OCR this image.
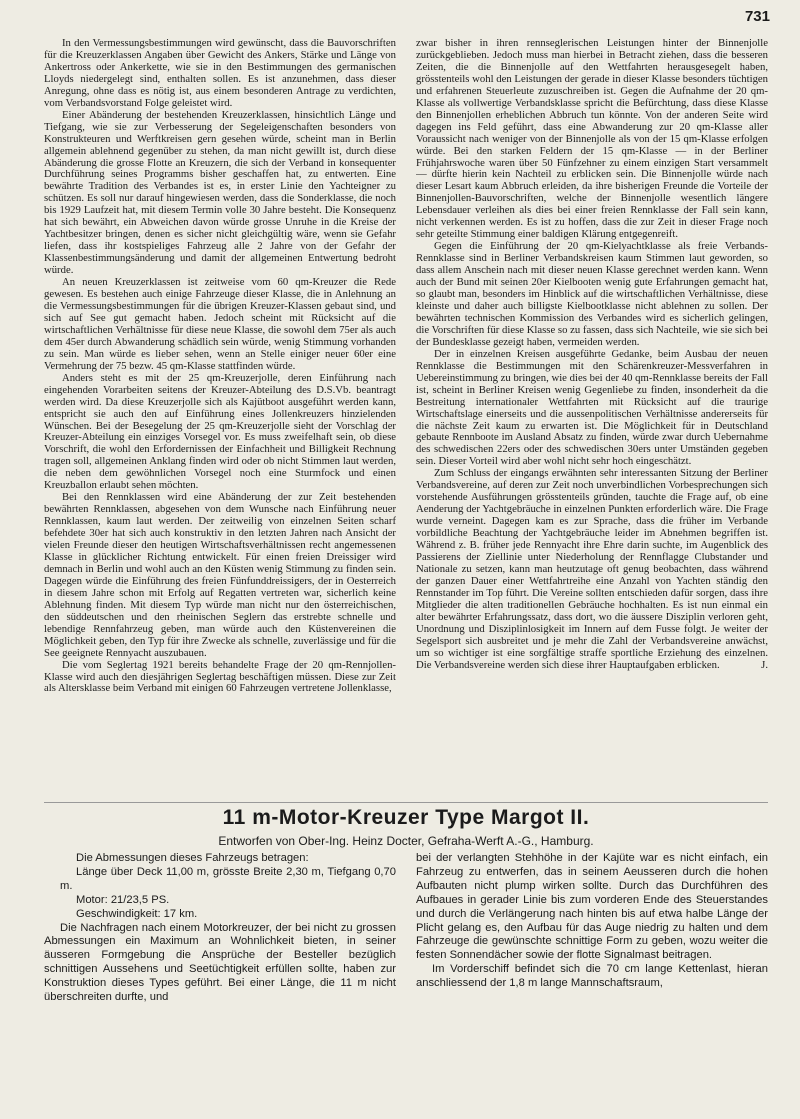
731

In den Vermessungsbestimmungen wird gewünscht, dass die Bauvorschriften für die Kreuzerklassen Angaben über Gewicht des Ankers, Stärke und Länge von Ankertross oder Ankerkette, wie sie in den Bestimmungen des germanischen Lloyds niedergelegt sind, enthalten sollen. Es ist anzunehmen, dass dieser Anregung, ohne dass es nötig ist, aus einem besonderen Antrage zu verdichten, vom Verbandsvorstand Folge geleistet wird.

Einer Abänderung der bestehenden Kreuzerklassen, hinsichtlich Länge und Tiefgang, wie sie zur Verbesserung der Segeleigenschaften besonders von Konstrukteuren und Werftkreisen gern gesehen würde, scheint man in Berlin allgemein ablehnend gegenüber zu stehen, da man nicht gewillt ist, durch diese Abänderung die grosse Flotte an Kreuzern, die sich der Verband in konsequenter Durchführung seines Programms bisher geschaffen hat, zu entwerten. Eine bewährte Tradition des Verbandes ist es, in erster Linie den Yachteigner zu schützen. Es soll nur darauf hingewiesen werden, dass die Sonderklasse, die noch bis 1929 Laufzeit hat, mit diesem Termin volle 30 Jahre besteht. Die Konsequenz hat sich bewährt, ein Abweichen davon würde grosse Unruhe in die Kreise der Yachtbesitzer bringen, denen es sicher nicht gleichgültig wäre, wenn sie Gefahr liefen, dass ihr kostspieliges Fahrzeug alle 2 Jahre von der Gefahr der Klassenbestimmungsänderung und damit der allgemeinen Entwertung bedroht würde.

An neuen Kreuzerklassen ist zeitweise vom 60 qm-Kreuzer die Rede gewesen. Es bestehen auch einige Fahrzeuge dieser Klasse, die in Anlehnung an die Vermessungsbestimmungen für die übrigen Kreuzer-Klassen gebaut sind, und sich auf See gut gemacht haben. Jedoch scheint mit Rücksicht auf die wirtschaftlichen Verhältnisse für diese neue Klasse, die sowohl dem 75er als auch dem 45er durch Abwanderung schädlich sein würde, wenig Stimmung vorhanden zu sein. Man würde es lieber sehen, wenn an Stelle einiger neuer 60er eine Vermehrung der 75 bezw. 45 qm-Klasse stattfinden würde.

Anders steht es mit der 25 qm-Kreuzerjolle, deren Einführung nach eingehenden Vorarbeiten seitens der Kreuzer-Abteilung des D.S.Vb. beantragt werden wird. Da diese Kreuzerjolle sich als Kajütboot ausgeführt werden kann, entspricht sie auch den auf Einführung eines Jollenkreuzers hinzielenden Wünschen. Bei der Besegelung der 25 qm-Kreuzerjolle sieht der Vorschlag der Kreuzer-Abteilung ein einziges Vorsegel vor. Es muss zweifelhaft sein, ob diese Vorschrift, die wohl den Erfordernissen der Einfachheit und Billigkeit Rechnung tragen soll, allgemeinen Anklang finden wird oder ob nicht Stimmen laut werden, die neben dem gewöhnlichen Vorsegel noch eine Sturmfock und einen Kreuzballon erlaubt sehen möchten.

Bei den Rennklassen wird eine Abänderung der zur Zeit bestehenden bewährten Rennklassen, abgesehen von dem Wunsche nach Einführung neuer Rennklassen, kaum laut werden. Der zeitweilig von einzelnen Seiten scharf befehdete 30er hat sich auch konstruktiv in den letzten Jahren nach Ansicht der vielen Freunde dieser den heutigen Wirtschaftsverhältnissen recht angemessenen Klasse in glücklicher Richtung entwickelt. Für einen freien Dreissiger wird demnach in Berlin und wohl auch an den Küsten wenig Stimmung zu finden sein. Dagegen würde die Einführung des freien Fünfunddreissigers, der in Oesterreich in diesem Jahre schon mit Erfolg auf Regatten vertreten war, sicherlich keine Ablehnung finden. Mit diesem Typ würde man nicht nur den österreichischen, den süddeutschen und den rheinischen Seglern das erstrebte schnelle und lebendige Rennfahrzeug geben, man würde auch den Küstenvereinen die Möglichkeit geben, den Typ für ihre Zwecke als schnelle, zuverlässige und für die See geeignete Rennyacht auszubauen.

Die vom Seglertag 1921 bereits behandelte Frage der 20 qm-Rennjollen-Klasse wird auch den diesjährigen Seglertag beschäftigen müssen. Diese zur Zeit als Altersklasse beim Verband mit einigen 60 Fahrzeugen vertretene Jollenklasse,

zwar bisher in ihren rennseglerischen Leistungen hinter der Binnenjolle zurückgeblieben. Jedoch muss man hierbei in Betracht ziehen, dass die besseren Zeiten, die die Binnenjolle auf den Wettfahrten herausgesegelt haben, grösstenteils wohl den Leistungen der gerade in dieser Klasse besonders tüchtigen und erfahrenen Steuerleute zuzuschreiben ist. Gegen die Aufnahme der 20 qm-Klasse als vollwertige Verbandsklasse spricht die Befürchtung, dass diese Klasse den Binnenjollen erheblichen Abbruch tun könnte. Von der anderen Seite wird dagegen ins Feld geführt, dass eine Abwanderung zur 20 qm-Klasse aller Voraussicht nach weniger von der Binnenjolle als von der 15 qm-Klasse erfolgen würde. Bei den starken Feldern der 15 qm-Klasse — in der Berliner Frühjahrswoche waren über 50 Fünfzehner zu einem einzigen Start versammelt — dürfte hierin kein Nachteil zu erblicken sein. Die Binnenjolle würde nach dieser Lesart kaum Abbruch erleiden, da ihre bisherigen Freunde die Vorteile der Binnenjollen-Bauvorschriften, welche der Binnenjolle wesentlich längere Lebensdauer verleihen als dies bei einer freien Rennklasse der Fall sein kann, nicht verkennen werden. Es ist zu hoffen, dass die zur Zeit in dieser Frage noch sehr geteilte Stimmung einer baldigen Klärung entgegenreift.

Gegen die Einführung der 20 qm-Kielyachtklasse als freie Verbands-Rennklasse sind in Berliner Verbandskreisen kaum Stimmen laut geworden, so dass allem Anschein nach mit dieser neuen Klasse gerechnet werden kann. Wenn auch der Bund mit seinen 20er Kielbooten wenig gute Erfahrungen gemacht hat, so glaubt man, besonders im Hinblick auf die wirtschaftlichen Verhältnisse, diese kleinste und daher auch billigste Kielbootklasse nicht ablehnen zu sollen. Der bewährten technischen Kommission des Verbandes wird es sicherlich gelingen, die Vorschriften für diese Klasse so zu fassen, dass sich Nachteile, wie sie sich bei der Bundesklasse gezeigt haben, vermeiden werden.

Der in einzelnen Kreisen ausgeführte Gedanke, beim Ausbau der neuen Rennklasse die Bestimmungen mit den Schärenkreuzer-Messverfahren in Uebereinstimmung zu bringen, wie dies bei der 40 qm-Rennklasse bereits der Fall ist, scheint in Berliner Kreisen wenig Gegenliebe zu finden, insonderheit da die Bestreitung internationaler Wettfahrten mit Rücksicht auf die traurige Wirtschaftslage einerseits und die aussenpolitischen Verhältnisse andererseits für die nächste Zeit kaum zu erwarten ist. Die Möglichkeit für in Deutschland gebaute Rennboote im Ausland Absatz zu finden, würde zwar durch Uebernahme des schwedischen 22ers oder des schwedischen 30ers unter Umständen gegeben sein. Dieser Vorteil wird aber wohl nicht sehr hoch eingeschätzt.

Zum Schluss der eingangs erwähnten sehr interessanten Sitzung der Berliner Verbandsvereine, auf deren zur Zeit noch unverbindlichen Vorbesprechungen sich vorstehende Ausführungen grösstenteils gründen, tauchte die Frage auf, ob eine Aenderung der Yachtgebräuche in einzelnen Punkten erforderlich wäre. Die Frage wurde verneint. Dagegen kam es zur Sprache, dass die früher im Verbande vorbildliche Beachtung der Yachtgebräuche leider im Abnehmen begriffen ist. Während z. B. früher jede Rennyacht ihre Ehre darin suchte, im Augenblick des Passierens der Ziellinie unter Niederholung der Rennflagge Clubstander und Nationale zu setzen, kann man heutzutage oft genug beobachten, dass während der ganzen Dauer einer Wettfahrtreihe eine Anzahl von Yachten ständig den Rennstander im Top führt. Die Vereine sollten entschieden dafür sorgen, dass ihre Mitglieder die alten traditionellen Gebräuche hochhalten. Es ist nun einmal ein alter bewährter Erfahrungssatz, dass dort, wo die äussere Disziplin verloren geht, Unordnung und Disziplinlosigkeit im Innern auf dem Fusse folgt. Je weiter der Segelsport sich ausbreitet und je mehr die Zahl der Verbandsvereine anwächst, um so wichtiger ist eine sorgfältige straffe sportliche Erziehung des einzelnen. Die Verbandsvereine werden sich diese ihrer Hauptaufgaben erblicken.	J.

11 m-Motor-Kreuzer Type Margot II.
Entworfen von Ober-Ing. Heinz Docter, Gefraha-Werft A.-G., Hamburg.

Die Abmessungen dieses Fahrzeugs betragen:

Länge über Deck 11,00 m, grösste Breite 2,30 m, Tiefgang 0,70 m.

Motor: 21/23,5 PS.

Geschwindigkeit: 17 km.

Die Nachfragen nach einem Motorkreuzer, der bei nicht zu grossen Abmessungen ein Maximum an Wohnlichkeit bieten, in seiner äusseren Formgebung die Ansprüche der Besteller bezüglich schnittigen Aussehens und Seetüchtigkeit erfüllen sollte, haben zur Konstruktion dieses Types geführt. Bei einer Länge, die 11 m nicht überschreiten durfte, und

bei der verlangten Stehhöhe in der Kajüte war es nicht einfach, ein Fahrzeug zu entwerfen, das in seinem Aeusseren durch die hohen Aufbauten nicht plump wirken sollte. Durch das Durchführen des Aufbaues in gerader Linie bis zum vorderen Ende des Steuerstandes und durch die Verlängerung nach hinten bis auf etwa halbe Länge der Plicht gelang es, den Aufbau für das Auge niedrig zu halten und dem Fahrzeuge die gewünschte schnittige Form zu geben, wozu weiter die festen Sonnendächer sowie der flotte Signalmast beitragen.

Im Vorderschiff befindet sich die 70 cm lange Kettenlast, hieran anschliessend der 1,8 m lange Mannschaftsraum,
